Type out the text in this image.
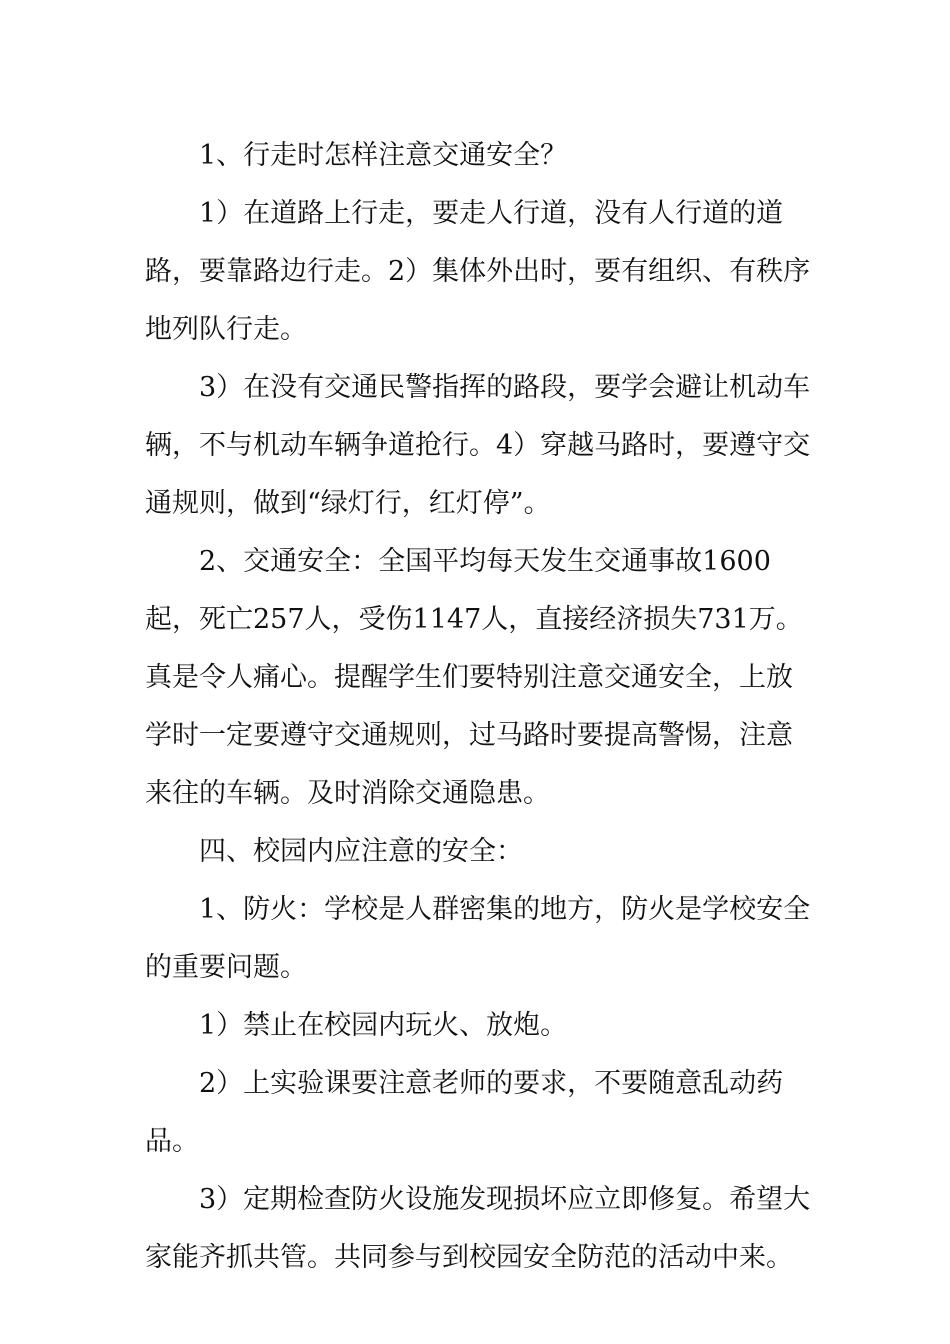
1、行走时怎样注意交通安全？

1）在道路上行走，要走人行道，没有人行道的道路，要靠路边行走。2）集体外出时，要有组织、有秩序地列队行走。

3）在没有交通民警指挥的路段，要学会避让机动车辆，不与机动车辆争道抢行。4）穿越马路时，要遵守交通规则，做到“绿灯行，红灯停”。

2、交通安全：全国平均每天发生交通事故1600起，死亡257人，受伤1147人，直接经济损失731万。真是令人痛心。提醒学生们要特别注意交通安全，上放学时一定要遵守交通规则，过马路时要提高警惕，注意来往的车辆。及时消除交通隐患。

四、校园内应注意的安全：

1、防火：学校是人群密集的地方，防火是学校安全的重要问题。

1）禁止在校园内玩火、放炮。

2）上实验课要注意老师的要求，不要随意乱动药品。

3）定期检查防火设施发现损坏应立即修复。希望大家能齐抓共管。共同参与到校园安全防范的活动中来。
